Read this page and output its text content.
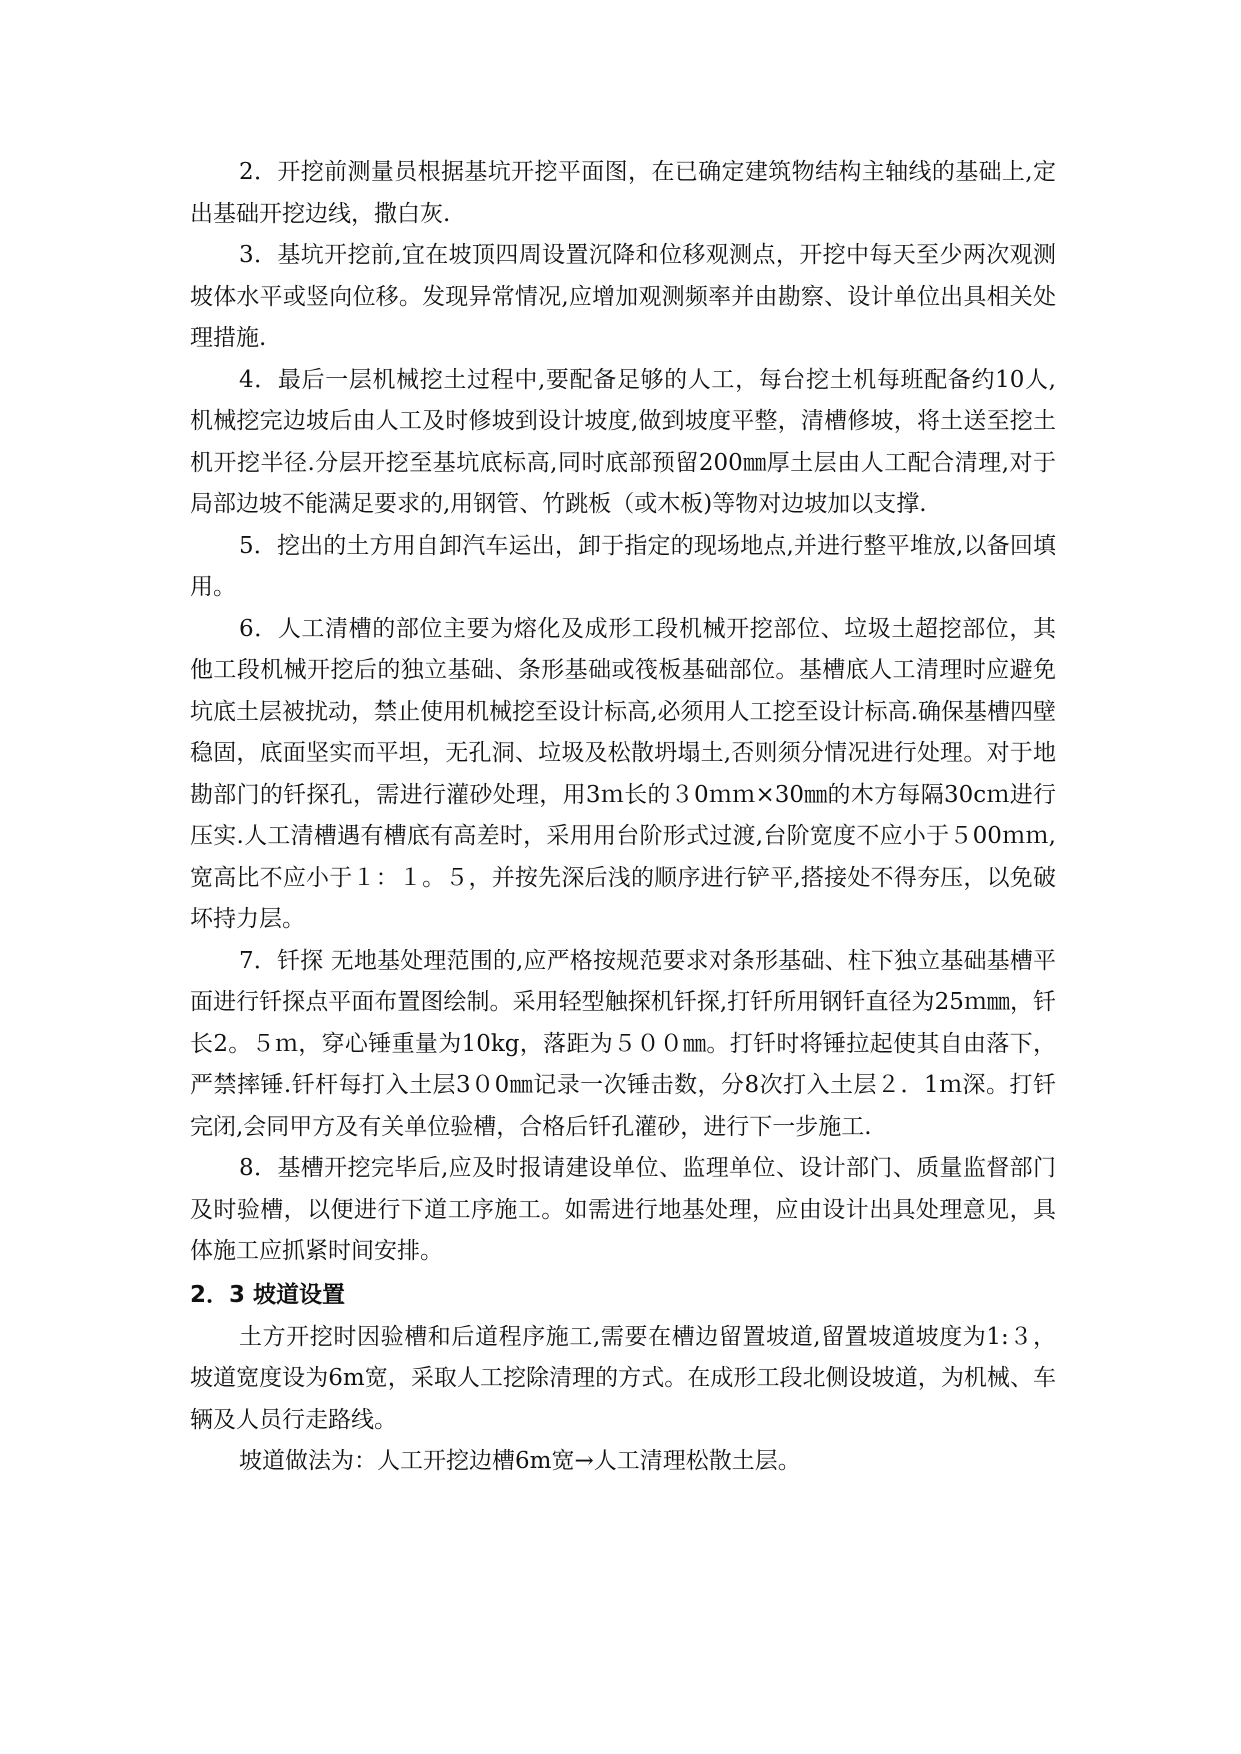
2．开挖前测量员根据基坑开挖平面图，在已确定建筑物结构主轴线的基础上,定出基础开挖边线，撒白灰.

3．基坑开挖前,宜在坡顶四周设置沉降和位移观测点，开挖中每天至少两次观测坡体水平或竖向位移。发现异常情况,应增加观测频率并由勘察、设计单位出具相关处理措施.

4．最后一层机械挖土过程中,要配备足够的人工，每台挖土机每班配备约10人,机械挖完边坡后由人工及时修坡到设计坡度,做到坡度平整，清槽修坡，将土送至挖土机开挖半径.分层开挖至基坑底标高,同时底部预留200㎜厚土层由人工配合清理,对于局部边坡不能满足要求的,用钢管、竹跳板（或木板)等物对边坡加以支撑.

5．挖出的土方用自卸汽车运出，卸于指定的现场地点,并进行整平堆放,以备回填用。

6．人工清槽的部位主要为熔化及成形工段机械开挖部位、垃圾土超挖部位，其他工段机械开挖后的独立基础、条形基础或筏板基础部位。基槽底人工清理时应避免坑底土层被扰动，禁止使用机械挖至设计标高,必须用人工挖至设计标高.确保基槽四壁稳固，底面坚实而平坦，无孔洞、垃圾及松散坍塌土,否则须分情况进行处理。对于地勘部门的钎探孔，需进行灌砂处理，用3ｍ长的３0ｍｍ×30㎜的木方每隔30cｍ进行压实.人工清槽遇有槽底有高差时，采用用台阶形式过渡,台阶宽度不应小于５00ｍｍ,宽高比不应小于１：１。５，并按先深后浅的顺序进行铲平,搭接处不得夯压，以免破坏持力层。

7．钎探 无地基处理范围的,应严格按规范要求对条形基础、柱下独立基础基槽平面进行钎探点平面布置图绘制。采用轻型触探机钎探,打钎所用钢钎直径为25ｍ㎜，钎长2。５ｍ，穿心锤重量为10kg，落距为５００㎜。打钎时将锤拉起使其自由落下，严禁摔锤.钎杆每打入土层3０0㎜记录一次锤击数，分8次打入土层２．1ｍ深。打钎完闭,会同甲方及有关单位验槽，合格后钎孔灌砂，进行下一步施工.

8．基槽开挖完毕后,应及时报请建设单位、监理单位、设计部门、质量监督部门及时验槽，以便进行下道工序施工。如需进行地基处理，应由设计出具处理意见，具体施工应抓紧时间安排。

2．3 坡道设置

土方开挖时因验槽和后道程序施工,需要在槽边留置坡道,留置坡道坡度为1:３，坡道宽度设为6m宽，采取人工挖除清理的方式。在成形工段北侧设坡道，为机械、车辆及人员行走路线。

坡道做法为：人工开挖边槽6m宽→人工清理松散土层。
